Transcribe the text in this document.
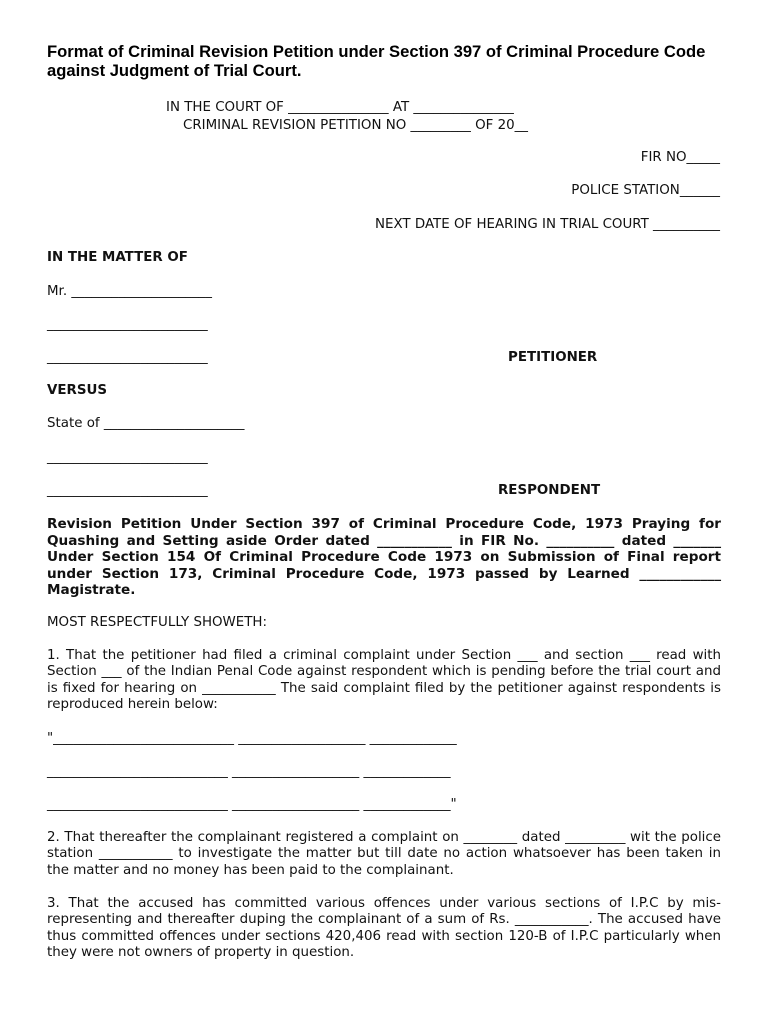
Format of Criminal Revision Petition under Section 397 of Criminal Procedure Code against Judgment of Trial Court.
IN THE COURT OF _______________ AT _______________
CRIMINAL REVISION PETITION NO _________ OF 20__
FIR NO_____
POLICE STATION______
NEXT DATE OF HEARING IN TRIAL COURT __________
IN THE MATTER OF
Mr. _____________________
________________________
________________________	PETITIONER
VERSUS
State of _____________________
________________________
________________________	RESPONDENT
Revision Petition Under Section 397 of Criminal Procedure Code, 1973 Praying for Quashing and Setting aside Order dated ___________ in FIR No. __________ dated _______ Under Section 154 Of Criminal Procedure Code 1973 on Submission of Final report under Section 173, Criminal Procedure Code, 1973 passed by Learned ____________ Magistrate.
MOST RESPECTFULLY SHOWETH:
1. That the petitioner had filed a criminal complaint under Section ___ and section ___ read with Section ___ of the Indian Penal Code against respondent which is pending before the trial court and is fixed for hearing on ___________ The said complaint filed by the petitioner against respondents is reproduced herein below:
"___________________________ ___________________ _____________
___________________________ ___________________ _____________
___________________________ ___________________ _____________"
2. That thereafter the complainant registered a complaint on ________ dated _________ wit the police station ___________ to investigate the matter but till date no action whatsoever has been taken in the matter and no money has been paid to the complainant.
3. That the accused has committed various offences under various sections of I.P.C by mis-representing and thereafter duping the complainant of a sum of Rs. ___________. The accused have thus committed offences under sections 420,406 read with section 120-B of I.P.C particularly when they were not owners of property in question.
